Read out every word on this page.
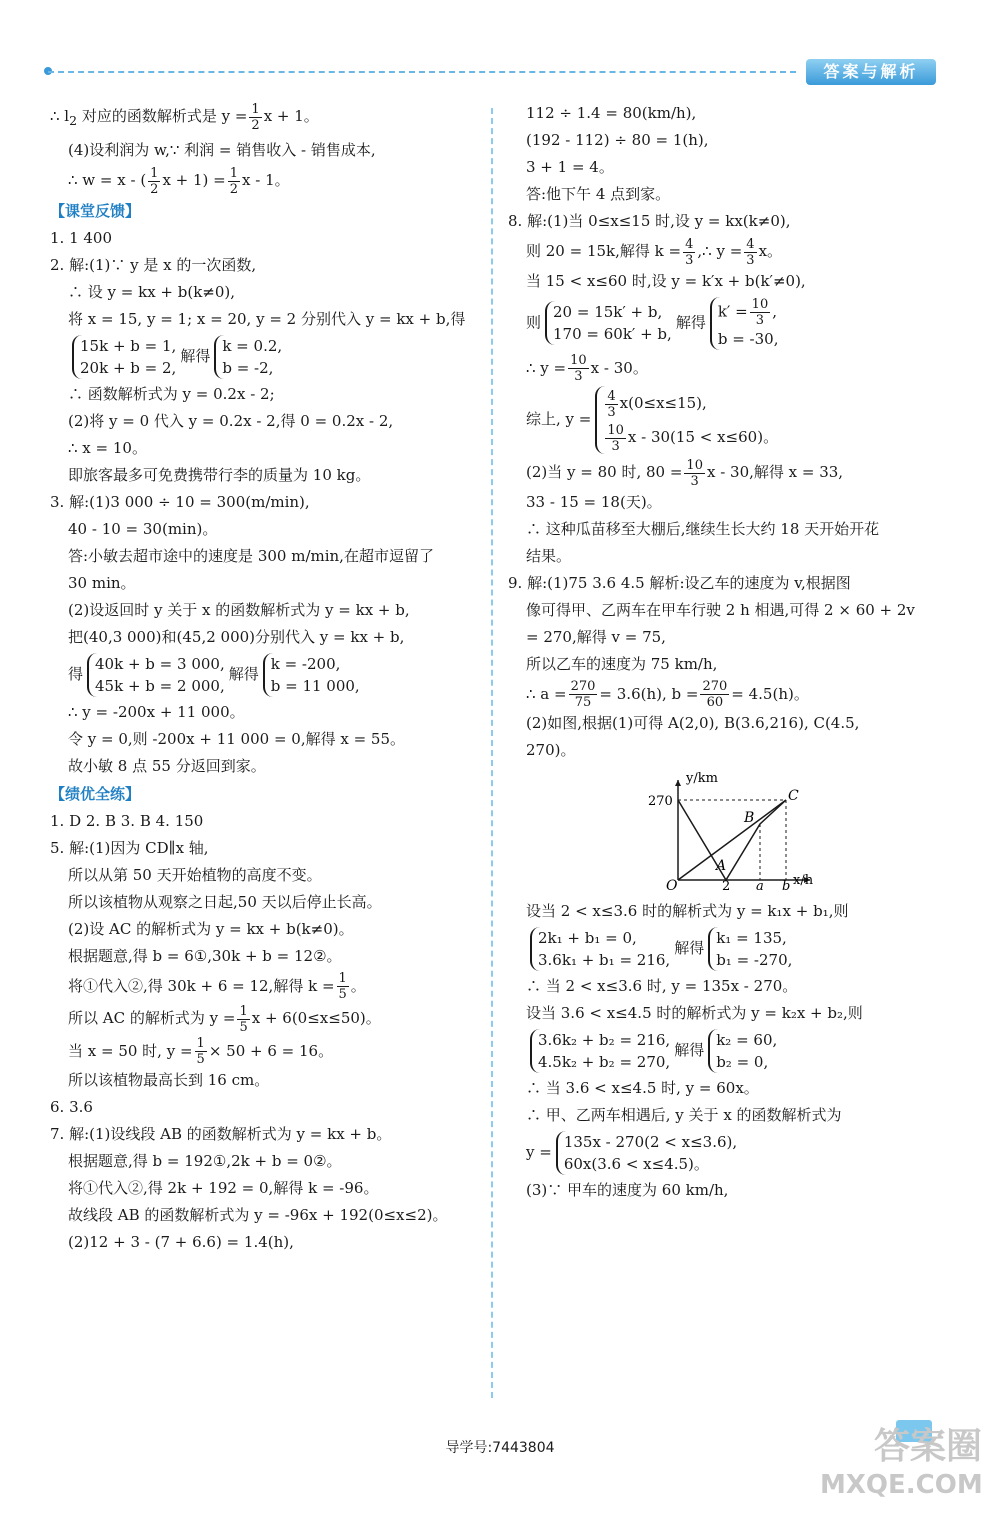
答案与解析
∴ $l_2$ 对应的函数解析式是 $y = \frac{1}{2}$ x + 1。
(4)设利润为 w,∵ 利润 = 销售收入 - 销售成本,
∴ w = x - ( $\frac{1}{2}$ $x + 1) = \frac{1}{2}$ x - 1。
【课堂反馈】
1. 1 400
2. 解:(1)∵ y 是 x 的一次函数,
∴ 设 y = kx + b(k≠0),
将 x = 15, y = 1; x = 20, y = 2 分别代入 y = kx + b,得
15k + b = 1,
20k + b = 2,解得k = 0.2,
b = -2,
∴ 函数解析式为 y = 0.2x - 2;
(2)将 y = 0 代入 y = 0.2x - 2,得 0 = 0.2x - 2,
∴ x = 10。
即旅客最多可免费携带行李的质量为 10 kg。
3. 解:(1)3 000 ÷ 10 = 300(m/min),
40 - 10 = 30(min)。
答:小敏去超市途中的速度是 300 m/min,在超市逗留了
30 min。
(2)设返回时 y 关于 x 的函数解析式为 y = kx + b,
把(40,3 000)和(45,2 000)分别代入 y = kx + b,
得40k + b = 3 000,
45k + b = 2 000,解得k = -200,
b = 11 000,
∴ y = -200x + 11 000。
令 y = 0,则 -200x + 11 000 = 0,解得 x = 55。
故小敏 8 点 55 分返回到家。
【绩优全练】
1. D 2. B 3. B 4. 150
5. 解:(1)因为 CD∥x 轴,
所以从第 50 天开始植物的高度不变。
所以该植物从观察之日起,50 天以后停止长高。
(2)设 AC 的解析式为 y = kx + b(k≠0)。
根据题意,得 b = 6①,30k + b = 12②。
将①代入②,得 30k + 6 = 12,解得 $k = \frac{1}{5}$ 。
所以 AC 的解析式为 $y = \frac{1}{5}$ x + 6(0≤x≤50)。
当 x = 50 时, $y = \frac{1}{5} \times 50 + 6 = 16$。
所以该植物最高长到 16 cm。
6. 3.6
7. 解:(1)设线段 AB 的函数解析式为 y = kx + b。
根据题意,得 b = 192①,2k + b = 0②。
将①代入②,得 2k + 192 = 0,解得 k = -96。
故线段 AB 的函数解析式为 y = -96x + 192(0≤x≤2)。
(2)12 + 3 - (7 + 6.6) = 1.4(h),
112 ÷ 1.4 = 80(km/h),
(192 - 112) ÷ 80 = 1(h),
3 + 1 = 4。
答:他下午 4 点到家。
8. 解:(1)当 0≤x≤15 时,设 y = kx(k≠0),
则 20 = 15k,解得 $k = \frac{4}{3}$ ,∴ $y = \frac{4}{3}$ x。
当 15 < x≤60 时,设 y = k′x + b(k′≠0),
则20 = 15k′ + b,
170 = 60k′ + b,解得$k' = \frac{10}{3}$ ,
b = -30,
∴ $y = \frac{10}{3}$ x - 30。
综上, $y = \frac{4}{3} x(0\le x\le 15)$,

$\frac{10}{3}$ x - 30(15 < x≤60)。
(2)当 y = 80 时, $80 = \frac{10}{3}$ x - 30,解得 x = 33,
33 - 15 = 18(天)。
∴ 这种瓜苗移至大棚后,继续生长大约 18 天开始开花
结果。
9. 解:(1)75 3.6 4.5 解析:设乙车的速度为 v,根据图
像可得甲、乙两车在甲车行驶 2 h 相遇,可得 2 × 60 + 2v
= 270,解得 v = 75,
所以乙车的速度为 75 km/h,
∴ $a = \frac{270}{75} = 3.6(h)$, $b = \frac{270}{60} = 4.5(h)$。
(2)如图,根据(1)可得 A(2,0), B(3.6,216), C(4.5,
270)。
y/km
270
O	2 a b x/h
A
B
C
设当 2 < x≤3.6 时的解析式为 y = k₁x + b₁,则
2k₁ + b₁ = 0,
3.6k₁ + b₁ = 216,解得k₁ = 135,
b₁ = -270,
∴ 当 2 < x≤3.6 时, y = 135x - 270。
设当 3.6 < x≤4.5 时的解析式为 y = k₂x + b₂,则
3.6k₂ + b₂ = 216,
4.5k₂ + b₂ = 270,解得k₂ = 60,
b₂ = 0,
∴ 当 3.6 < x≤4.5 时, y = 60x。
∴ 甲、乙两车相遇后, y 关于 x 的函数解析式为
y =135x - 270(2 < x≤3.6),
60x(3.6 < x≤4.5)。
(3)∵ 甲车的速度为 60 km/h,
导学号:7443804	答案圈
MXQE.COM
